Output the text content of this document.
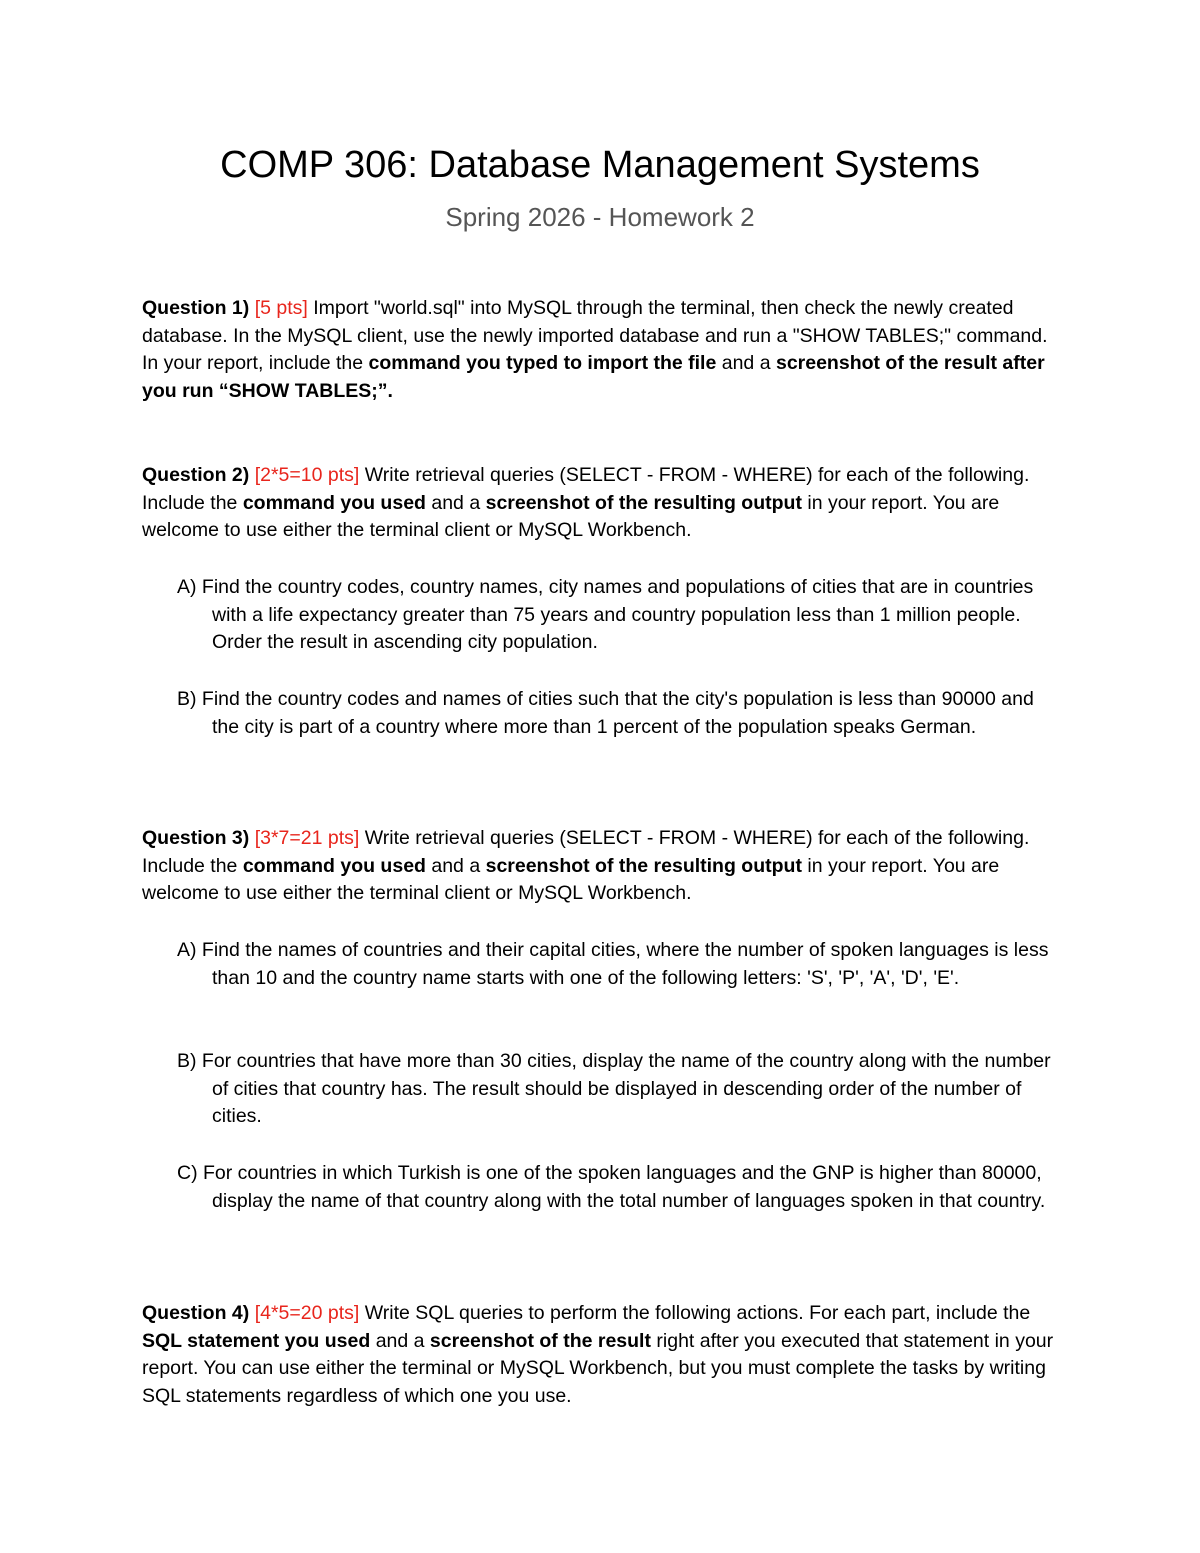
COMP 306: Database Management Systems
Spring 2026 - Homework 2
Question 1) [5 pts] Import "world.sql" into MySQL through the terminal, then check the newly created database. In the MySQL client, use the newly imported database and run a "SHOW TABLES;" command. In your report, include the command you typed to import the file and a screenshot of the result after you run “SHOW TABLES;”.
Question 2) [2*5=10 pts] Write retrieval queries (SELECT - FROM - WHERE) for each of the following. Include the command you used and a screenshot of the resulting output in your report. You are welcome to use either the terminal client or MySQL Workbench.
A) Find the country codes, country names, city names and populations of cities that are in countries with a life expectancy greater than 75 years and country population less than 1 million people. Order the result in ascending city population.
B) Find the country codes and names of cities such that the city's population is less than 90000 and the city is part of a country where more than 1 percent of the population speaks German.
Question 3) [3*7=21 pts] Write retrieval queries (SELECT - FROM - WHERE) for each of the following. Include the command you used and a screenshot of the resulting output in your report. You are welcome to use either the terminal client or MySQL Workbench.
A) Find the names of countries and their capital cities, where the number of spoken languages is less than 10 and the country name starts with one of the following letters: 'S', 'P', 'A', 'D', 'E'.
B) For countries that have more than 30 cities, display the name of the country along with the number of cities that country has. The result should be displayed in descending order of the number of cities.
C) For countries in which Turkish is one of the spoken languages and the GNP is higher than 80000, display the name of that country along with the total number of languages spoken in that country.
Question 4) [4*5=20 pts] Write SQL queries to perform the following actions. For each part, include the SQL statement you used and a screenshot of the result right after you executed that statement in your report. You can use either the terminal or MySQL Workbench, but you must complete the tasks by writing SQL statements regardless of which one you use.
